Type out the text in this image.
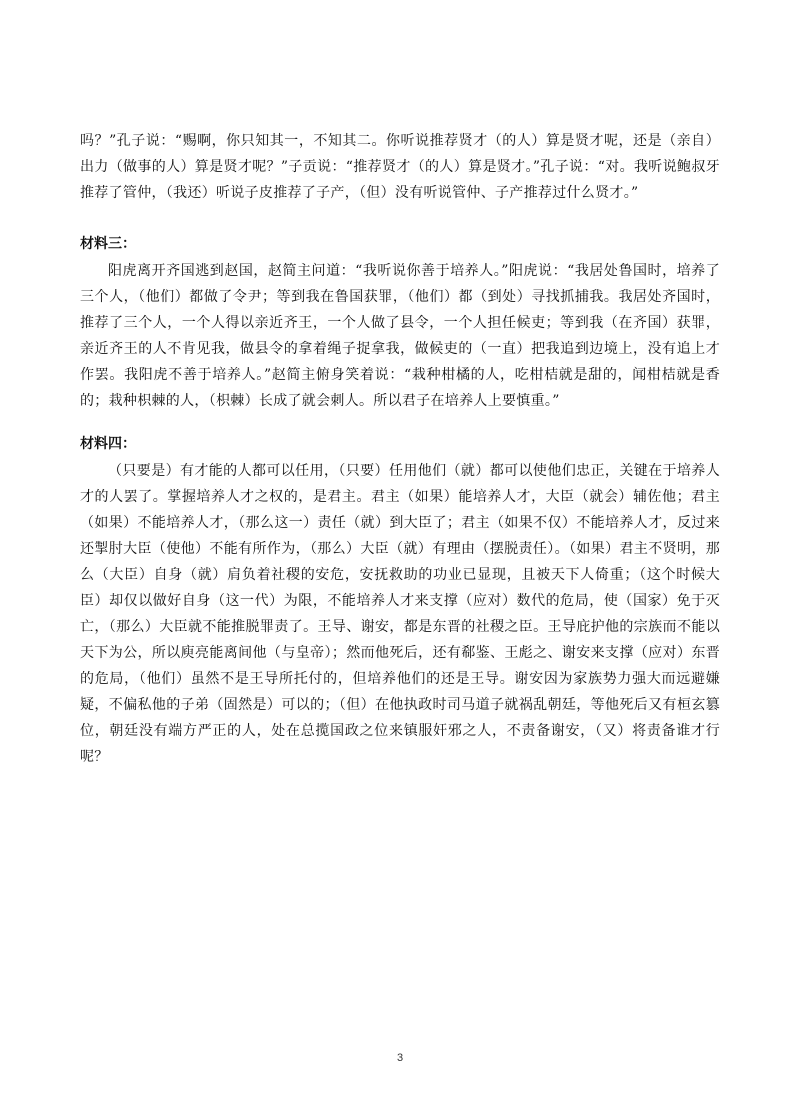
吗？”孔子说：“赐啊，你只知其一，不知其二。你听说推荐贤才（的人）算是贤才呢，还是（亲自）出力（做事的人）算是贤才呢？”子贡说：“推荐贤才（的人）算是贤才。”孔子说：“对。我听说鲍叔牙推荐了管仲，（我还）听说子皮推荐了子产，（但）没有听说管仲、子产推荐过什么贤才。”

材料三：

阳虎离开齐国逃到赵国，赵简主问道：“我听说你善于培养人。”阳虎说：“我居处鲁国时，培养了三个人，（他们）都做了令尹；等到我在鲁国获罪，（他们）都（到处）寻找抓捕我。我居处齐国时，推荐了三个人，一个人得以亲近齐王，一个人做了县令，一个人担任候吏；等到我（在齐国）获罪，亲近齐王的人不肯见我，做县令的拿着绳子捉拿我，做候吏的（一直）把我追到边境上，没有追上才作罢。我阳虎不善于培养人。”赵简主俯身笑着说：“栽种柑橘的人，吃柑桔就是甜的，闻柑桔就是香的；栽种枳棘的人，（枳棘）长成了就会刺人。所以君子在培养人上要慎重。”

材料四：

（只要是）有才能的人都可以任用，（只要）任用他们（就）都可以使他们忠正，关键在于培养人才的人罢了。掌握培养人才之权的，是君主。君主（如果）能培养人才，大臣（就会）辅佐他；君主（如果）不能培养人才，（那么这一）责任（就）到大臣了；君主（如果不仅）不能培养人才，反过来还掣肘大臣（使他）不能有所作为，（那么）大臣（就）有理由（摆脱责任）。（如果）君主不贤明，那么（大臣）自身（就）肩负着社稷的安危，安抚救助的功业已显现，且被天下人倚重；（这个时候大臣）却仅以做好自身（这一代）为限，不能培养人才来支撑（应对）数代的危局，使（国家）免于灭亡，（那么）大臣就不能推脱罪责了。王导、谢安，都是东晋的社稷之臣。王导庇护他的宗族而不能以天下为公，所以庾亮能离间他（与皇帝）；然而他死后，还有郗鉴、王彪之、谢安来支撑（应对）东晋的危局，（他们）虽然不是王导所托付的，但培养他们的还是王导。谢安因为家族势力强大而远避嫌疑，不偏私他的子弟（固然是）可以的；（但）在他执政时司马道子就祸乱朝廷，等他死后又有桓玄篡位，朝廷没有端方严正的人，处在总揽国政之位来镇服奸邪之人，不责备谢安，（又）将责备谁才行呢？

3
